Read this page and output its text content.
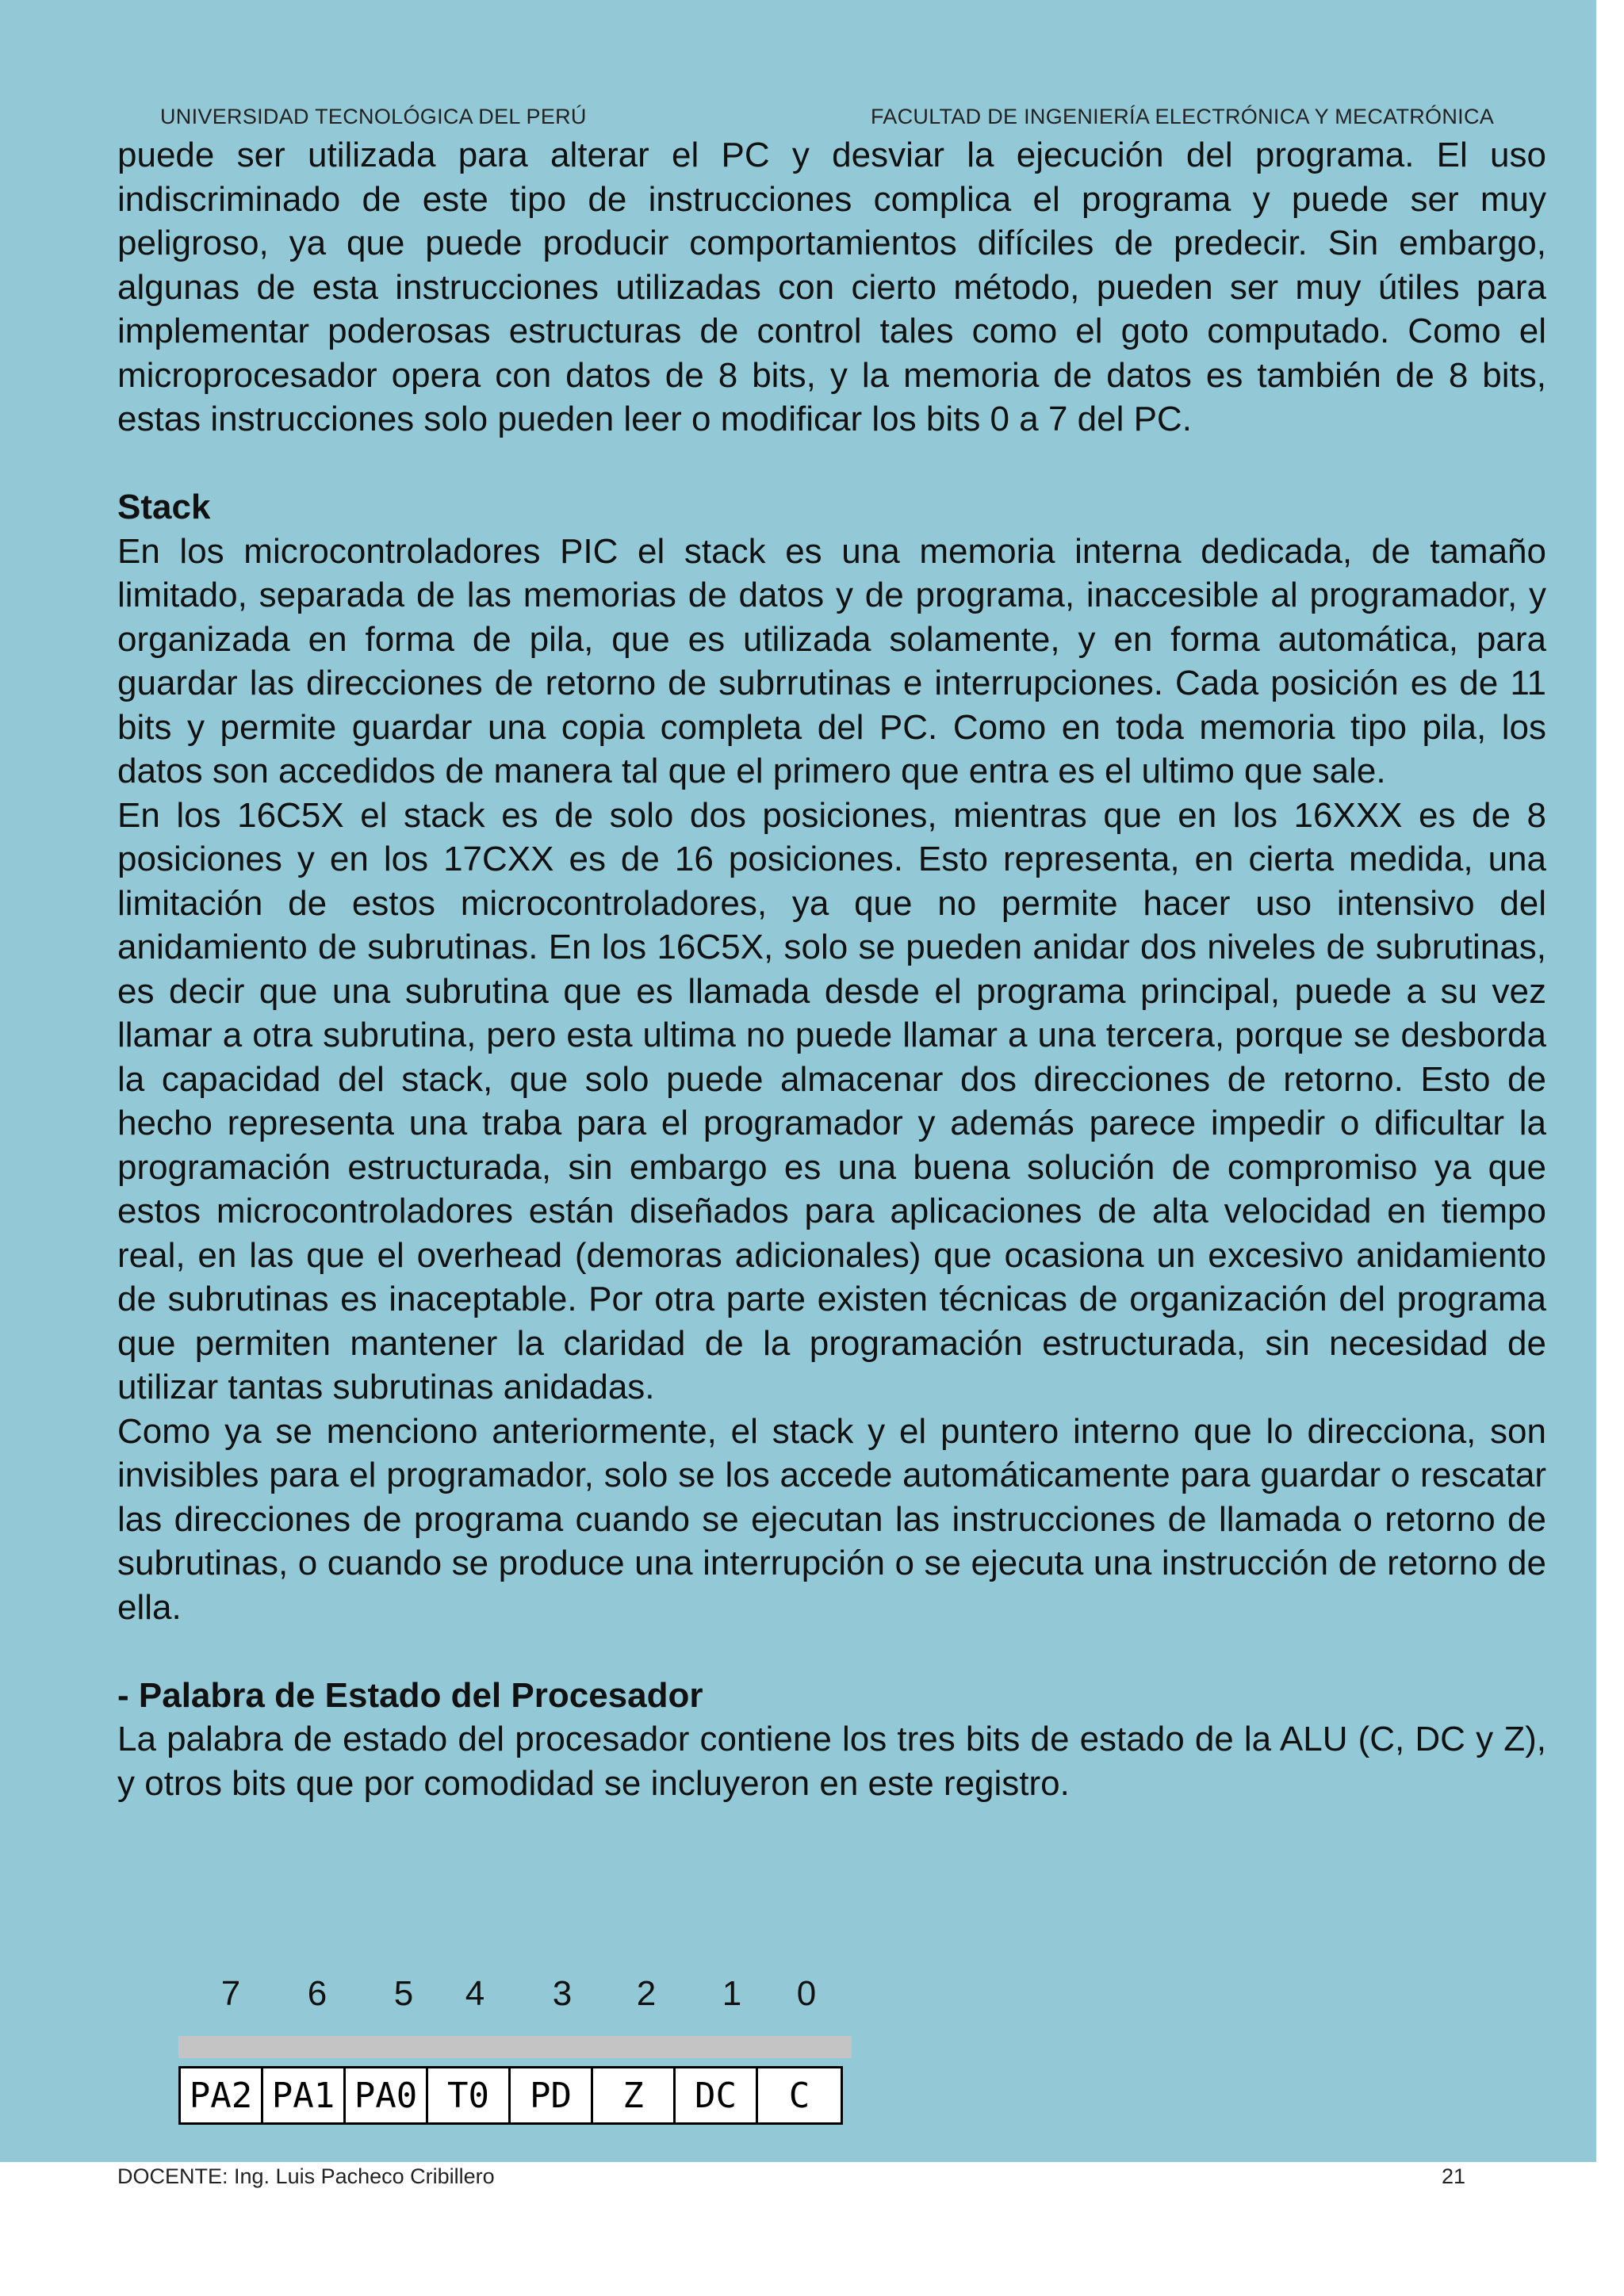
UNIVERSIDAD TECNOLÓGICA DEL PERÚ	FACULTAD DE INGENIERÍA ELECTRÓNICA Y MECATRÓNICA

puede ser utilizada para alterar el PC y desviar la ejecución del programa. El uso indiscriminado de este tipo de instrucciones complica el programa y puede ser muy peligroso, ya que puede producir comportamientos difíciles de predecir. Sin embargo, algunas de esta instrucciones utilizadas con cierto método, pueden ser muy útiles para implementar poderosas estructuras de control tales como el goto computado. Como el microprocesador opera con datos de 8 bits, y la memoria de datos es también de 8 bits, estas instrucciones solo pueden leer o modificar los bits 0 a 7 del PC.

Stack

En los microcontroladores PIC el stack es una memoria interna dedicada, de tamaño limitado, separada de las memorias de datos y de programa, inaccesible al programador, y organizada en forma de pila, que es utilizada solamente, y en forma automática, para guardar las direcciones de retorno de subrrutinas e interrupciones. Cada posición es de 11 bits y permite guardar una copia completa del PC. Como en toda memoria tipo pila, los datos son accedidos de manera tal que el primero que entra es el ultimo que sale.

En los 16C5X el stack es de solo dos posiciones, mientras que en los 16XXX es de 8 posiciones y en los 17CXX es de 16 posiciones. Esto representa, en cierta medida, una limitación de estos microcontroladores, ya que no permite hacer uso intensivo del anidamiento de subrutinas. En los 16C5X, solo se pueden anidar dos niveles de subrutinas, es decir que una subrutina que es llamada desde el programa principal, puede a su vez llamar a otra subrutina, pero esta ultima no puede llamar a una tercera, porque se desborda la capacidad del stack, que solo puede almacenar dos direcciones de retorno. Esto de hecho representa una traba para el programador y además parece impedir o dificultar la programación estructurada, sin embargo es una buena solución de compromiso ya que estos microcontroladores están diseñados para aplicaciones de alta velocidad en tiempo real, en las que el overhead (demoras adicionales) que ocasiona un excesivo anidamiento de subrutinas es inaceptable. Por otra parte existen técnicas de organización del programa que permiten mantener la claridad de la programación estructurada, sin necesidad de utilizar tantas subrutinas anidadas.

Como ya se menciono anteriormente, el stack y el puntero interno que lo direcciona, son invisibles para el programador, solo se los accede automáticamente para guardar o rescatar las direcciones de programa cuando se ejecutan las instrucciones de llamada o retorno de subrutinas, o cuando se produce una interrupción o se ejecuta una instrucción de retorno de ella.

- Palabra de Estado del Procesador

La palabra de estado del procesador contiene los tres bits de estado de la ALU (C, DC y Z), y otros bits que por comodidad se incluyeron en este registro.

7 6 5 4 3 2 1 0
PA2 PA1 PA0 T0	PD	Z	DC	C
DOCENTE: Ing. Luis Pacheco Cribillero	21
